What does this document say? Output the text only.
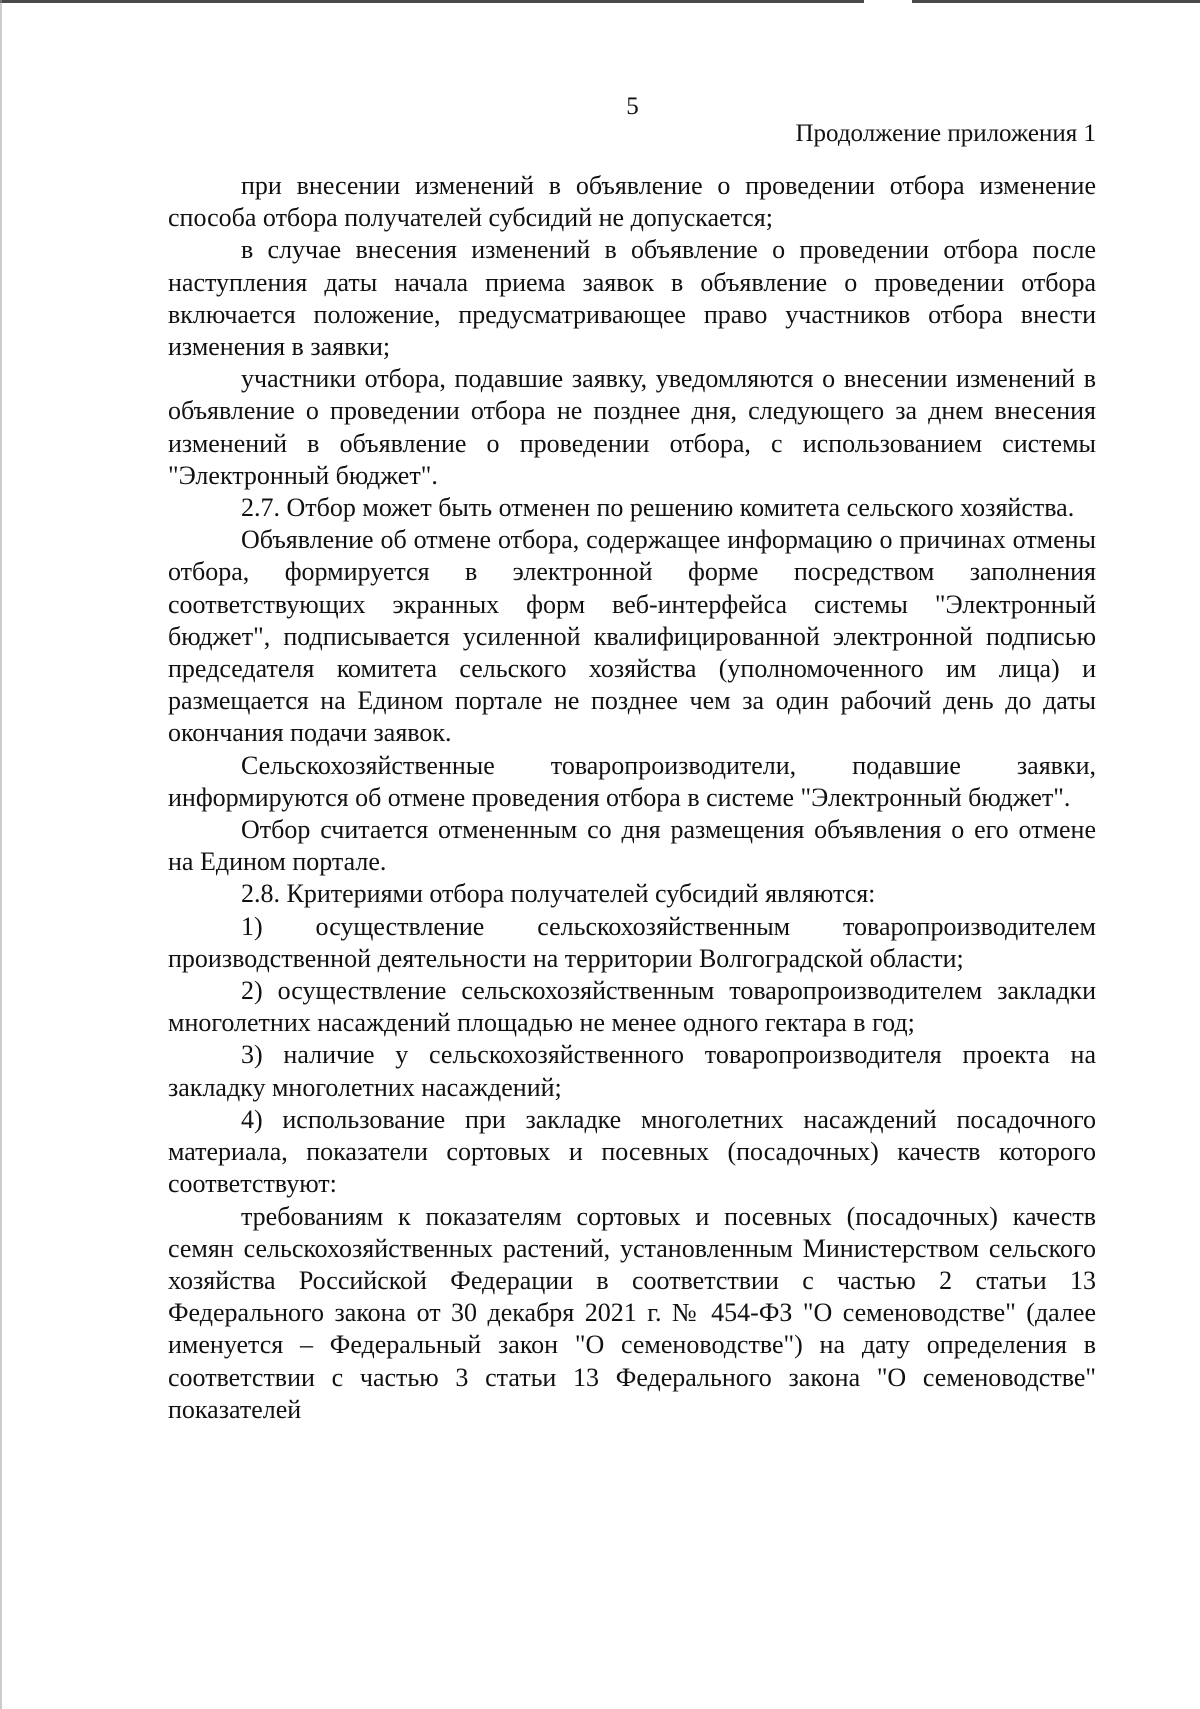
5
Продолжение приложения 1

при внесении изменений в объявление о проведении отбора изменение способа отбора получателей субсидий не допускается;

в случае внесения изменений в объявление о проведении отбора после наступления даты начала приема заявок в объявление о проведении отбора включается положение, предусматривающее право участников отбора внести изменения в заявки;

участники отбора, подавшие заявку, уведомляются о внесении изменений в объявление о проведении отбора не позднее дня, следующего за днем внесения изменений в объявление о проведении отбора, с использованием системы "Электронный бюджет".

2.7. Отбор может быть отменен по решению комитета сельского хозяйства.

Объявление об отмене отбора, содержащее информацию о причинах отмены отбора, формируется в электронной форме посредством заполнения соответствующих экранных форм веб-интерфейса системы "Электронный бюджет", подписывается усиленной квалифицированной электронной подписью председателя комитета сельского хозяйства (уполномоченного им лица) и размещается на Едином портале не позднее чем за один рабочий день до даты окончания подачи заявок.

Сельскохозяйственные товаропроизводители, подавшие заявки, информируются об отмене проведения отбора в системе "Электронный бюджет".

Отбор считается отмененным со дня размещения объявления о его отмене на Едином портале.

2.8. Критериями отбора получателей субсидий являются:

1) осуществление сельскохозяйственным товаропроизводителем производственной деятельности на территории Волгоградской области;

2) осуществление сельскохозяйственным товаропроизводителем закладки многолетних насаждений площадью не менее одного гектара в год;

3) наличие у сельскохозяйственного товаропроизводителя проекта на закладку многолетних насаждений;

4) использование при закладке многолетних насаждений посадочного материала, показатели сортовых и посевных (посадочных) качеств которого соответствуют:

требованиям к показателям сортовых и посевных (посадочных) качеств семян сельскохозяйственных растений, установленным Министерством сельского хозяйства Российской Федерации в соответствии с частью 2 статьи 13 Федерального закона от 30 декабря 2021 г. № 454-ФЗ "О семеноводстве" (далее именуется – Федеральный закон "О семеноводстве") на дату определения в соответствии с частью 3 статьи 13 Федерального закона "О семеноводстве" показателей
